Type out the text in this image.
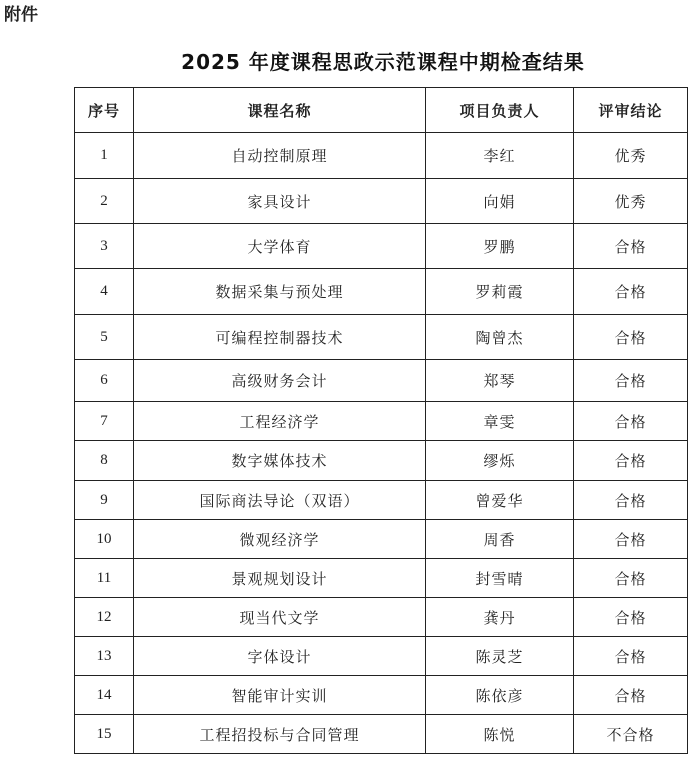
附件
2025 年度课程思政示范课程中期检查结果
序号	课程名称	项目负责人	评审结论
1	自动控制原理	李红	优秀
2	家具设计	向娟	优秀
3	大学体育	罗鹏	合格
4	数据采集与预处理	罗莉霞	合格
5	可编程控制器技术	陶曾杰	合格
6	高级财务会计	郑琴	合格
7	工程经济学	章雯	合格
8	数字媒体技术	缪烁	合格
9	国际商法导论（双语）	曾爱华	合格
10	微观经济学	周香	合格
11	景观规划设计	封雪晴	合格
12	现当代文学	龚丹	合格
13	字体设计	陈灵芝	合格
14	智能审计实训	陈依彦	合格
15	工程招投标与合同管理	陈悦	不合格
